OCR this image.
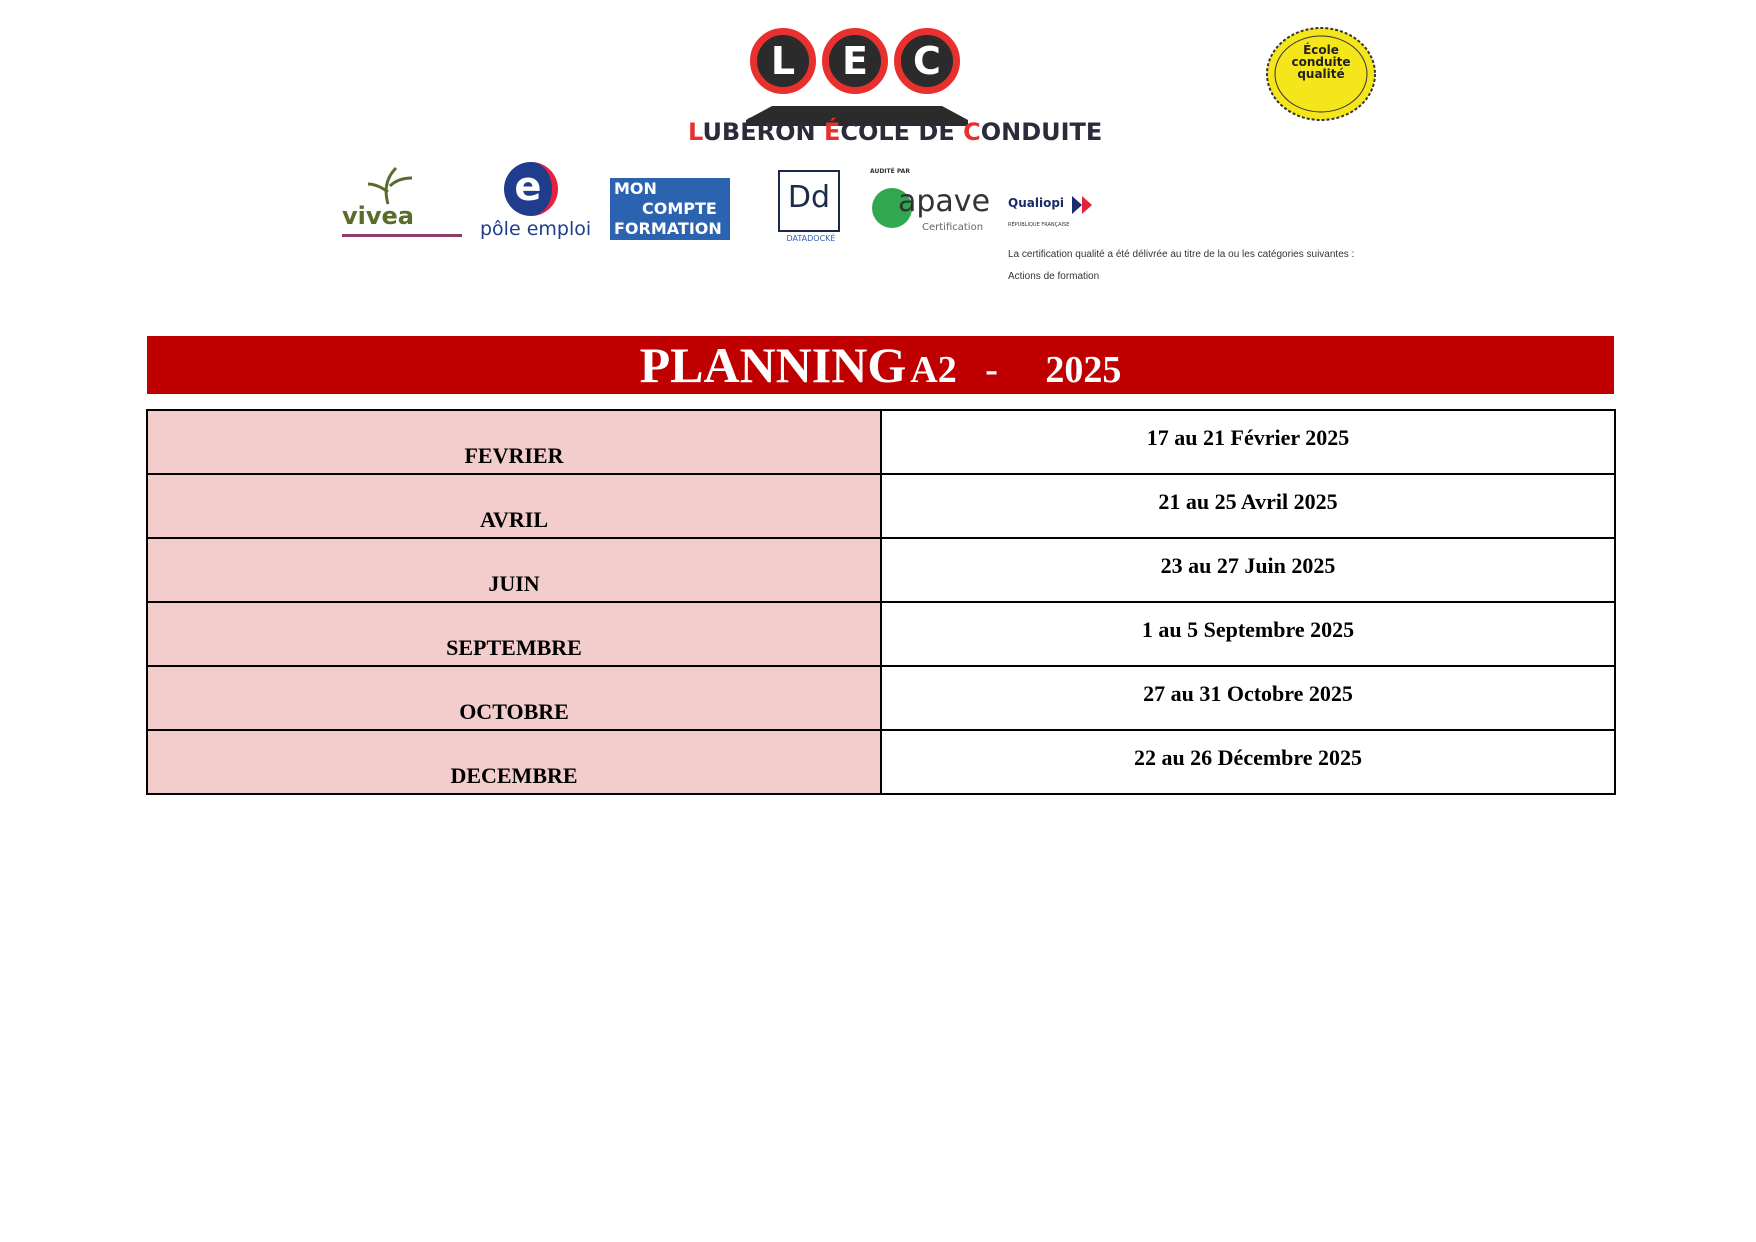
L	E	C
LUBÉRON ÉCOLE DE CONDUITE
École
conduite
qualité
vivea
e
pôle emploi
MON
COMPTE
FORMATION
Dd
DATADOCKÉ
AUDITÉ PAR
apave
Certification
Qualiopi
RÉPUBLIQUE FRANÇAISE
La certification qualité a été délivrée au titre de la ou les catégories suivantes :
Actions de formation
PLANNING A2 - 2025
FEVRIER	17 au 21 Février 2025
AVRIL	21 au 25 Avril 2025
JUIN	23 au 27 Juin 2025
SEPTEMBRE	1 au 5 Septembre 2025
OCTOBRE	27 au 31 Octobre 2025
DECEMBRE	22 au 26 Décembre 2025
